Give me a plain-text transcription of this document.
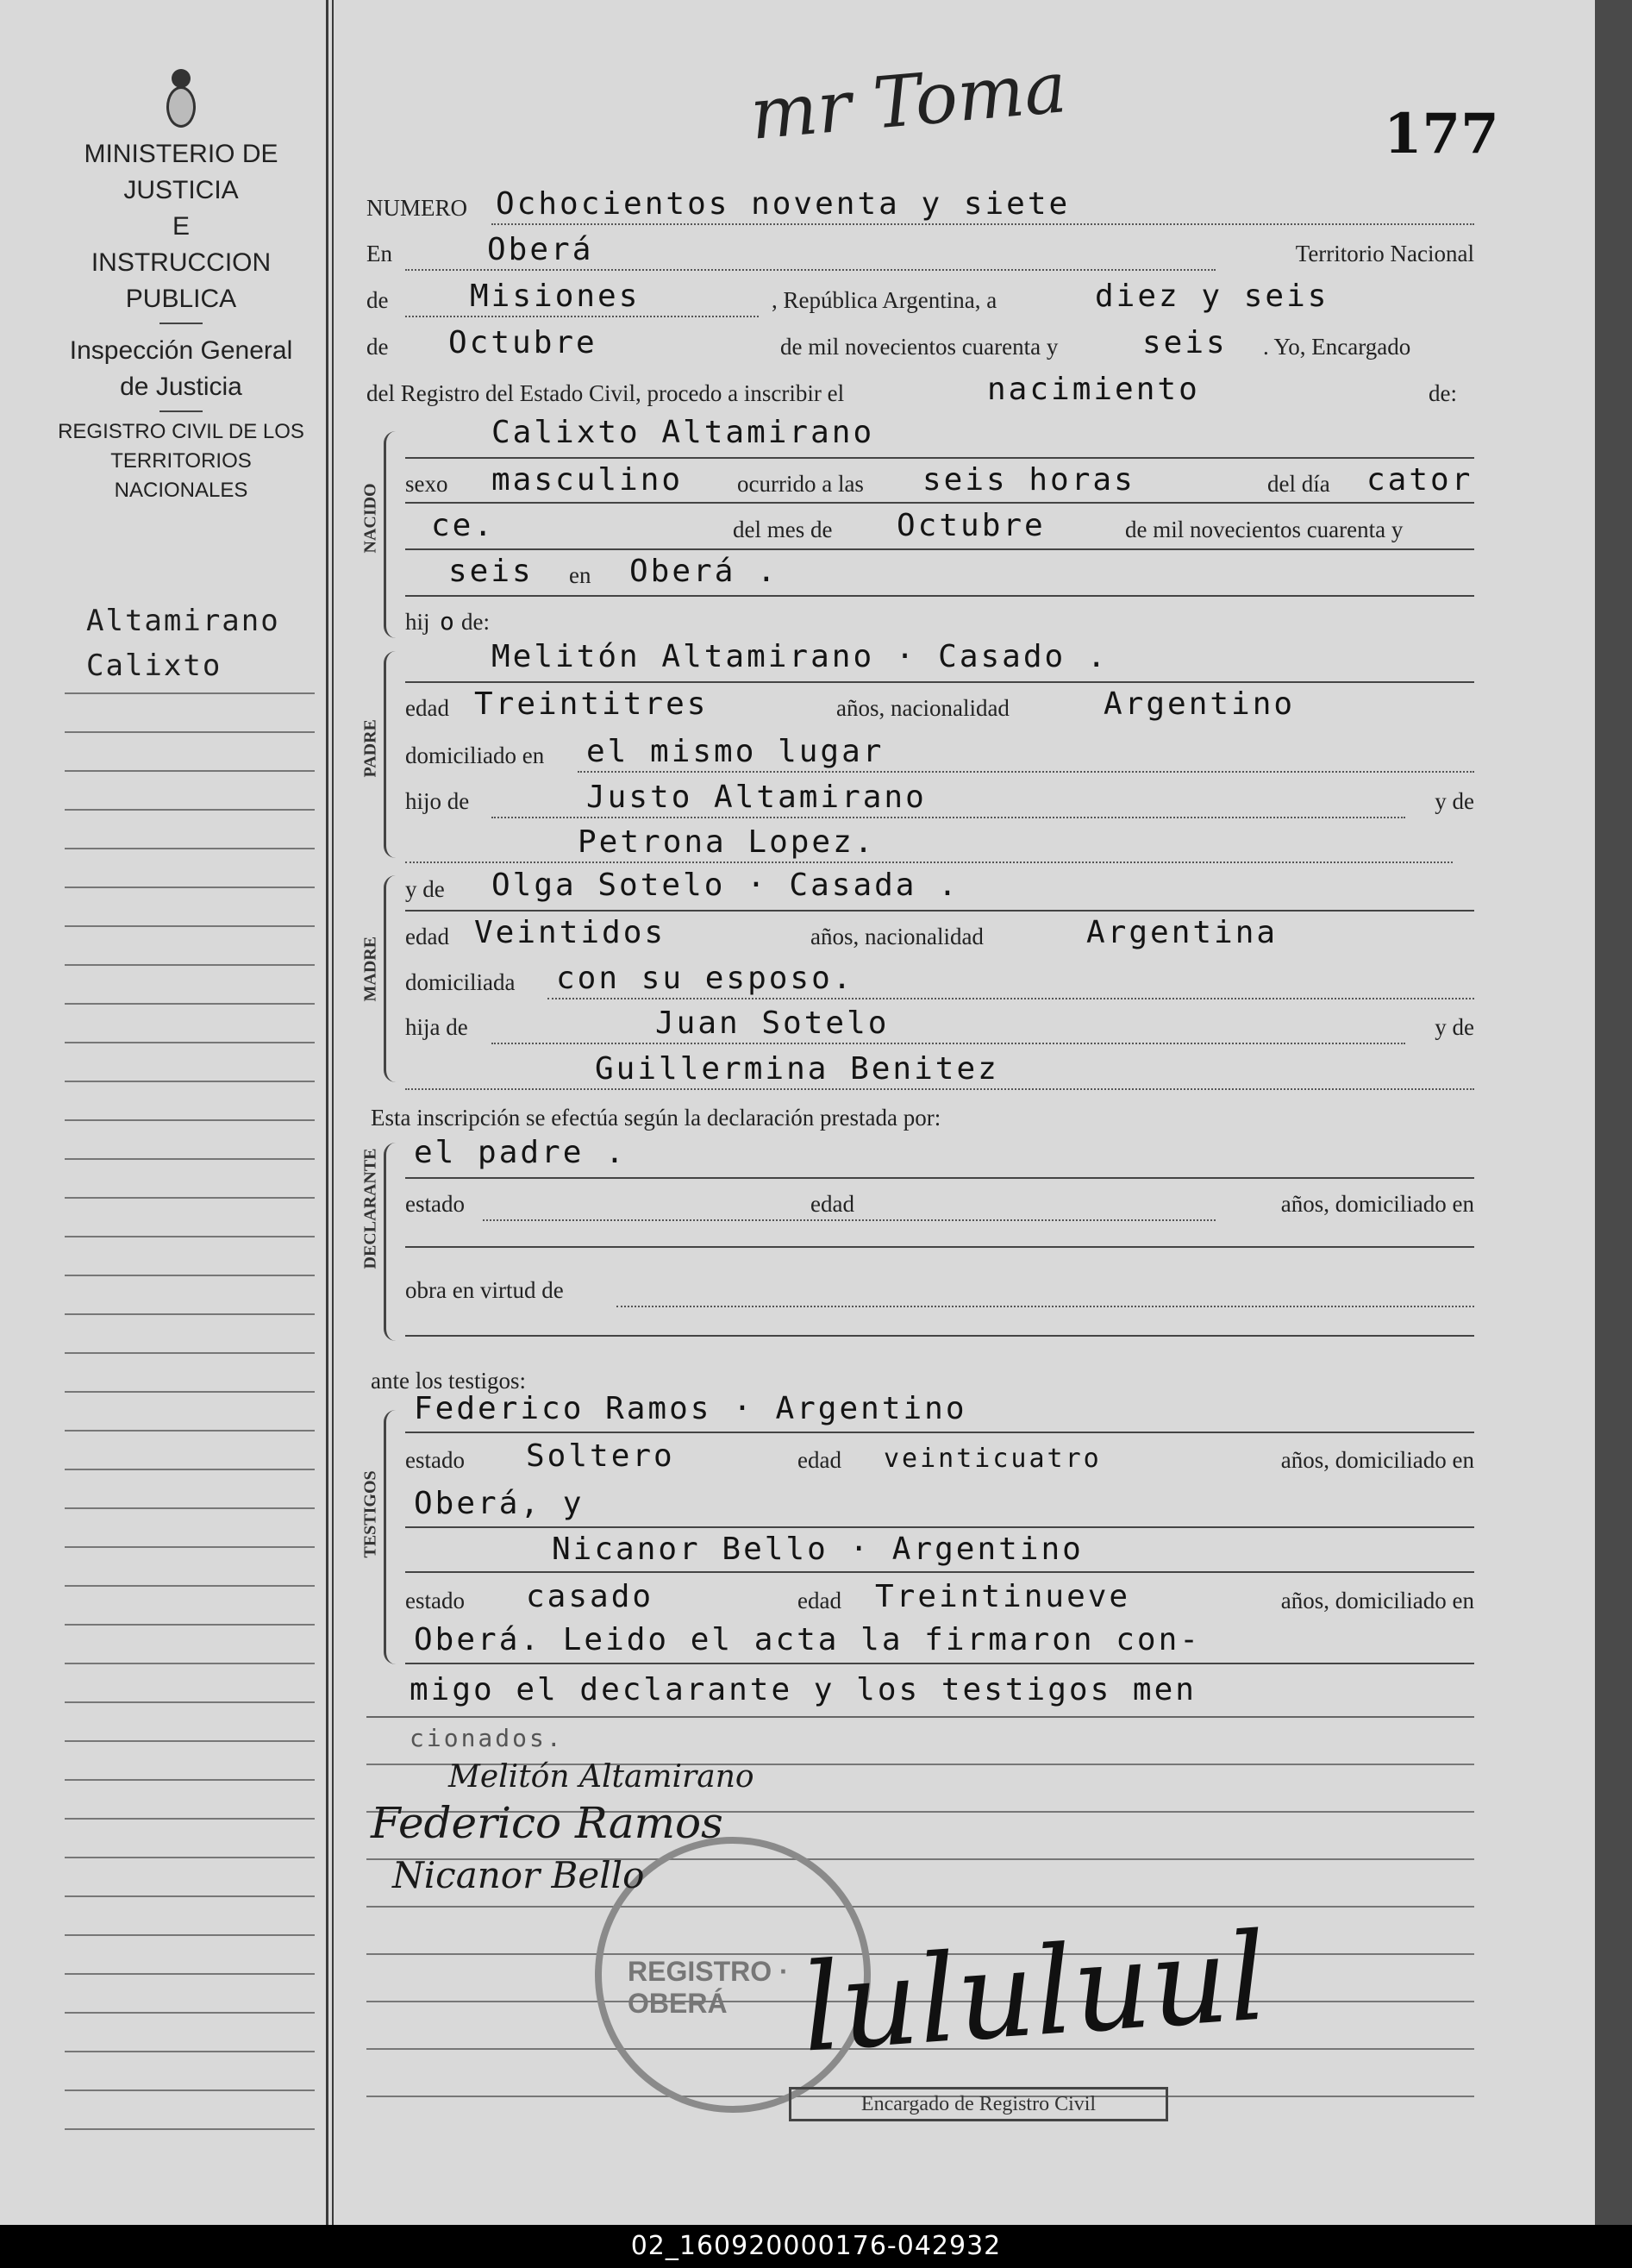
mr Toma	177
MINISTERIO DE JUSTICIA
E
INSTRUCCION PUBLICA
Inspección General
de Justicia
REGISTRO CIVIL DE LOS
TERRITORIOS NACIONALES
Altamirano
Calixto
NUMERO Ochocientos noventa y siete
En	Oberá	Territorio Nacional
de	Misiones	, República Argentina, a	diez y seis
de Octubre	de mil novecientos cuarenta y	seis . Yo, Encargado
del Registro del Estado Civil, procedo a inscribir el	nacimiento	de:
NACIDO
Calixto Altamirano
sexo masculino ocurrido a las seis horas	del día cator
ce.	del mes de Octubre	de mil novecientos cuarenta y
seis en Oberá .
hij o de:
PADRE
Melitón Altamirano · Casado .
edad Treintitres	años, nacionalidad	Argentino
domiciliado en el mismo lugar
hijo de	Justo Altamirano	y de
Petrona Lopez.
MADRE
y de Olga Sotelo · Casada .
edad Veintidos	años, nacionalidad	Argentina
domiciliada con su esposo.
hija de	Juan Sotelo	y de
Guillermina Benitez
Esta inscripción se efectúa según la declaración prestada por:
DECLARANTE el padre .
estado	edad	años, domiciliado en
obra en virtud de
ante los testigos:
TESTIGOS
Federico Ramos · Argentino
estado Soltero	edad veinticuatro	años, domiciliado en
Oberá, y
Nicanor Bello · Argentino
estado casado	edad Treintinueve	años, domiciliado en
Oberá. Leido el acta la firmaron con-
migo el declarante y los testigos men
cionados.
REGISTRO · OBERÁ
Melitón Altamirano
Federico Ramos
Nicanor Bello
lululuul
Encargado de Registro Civil
02_160920000176-042932
